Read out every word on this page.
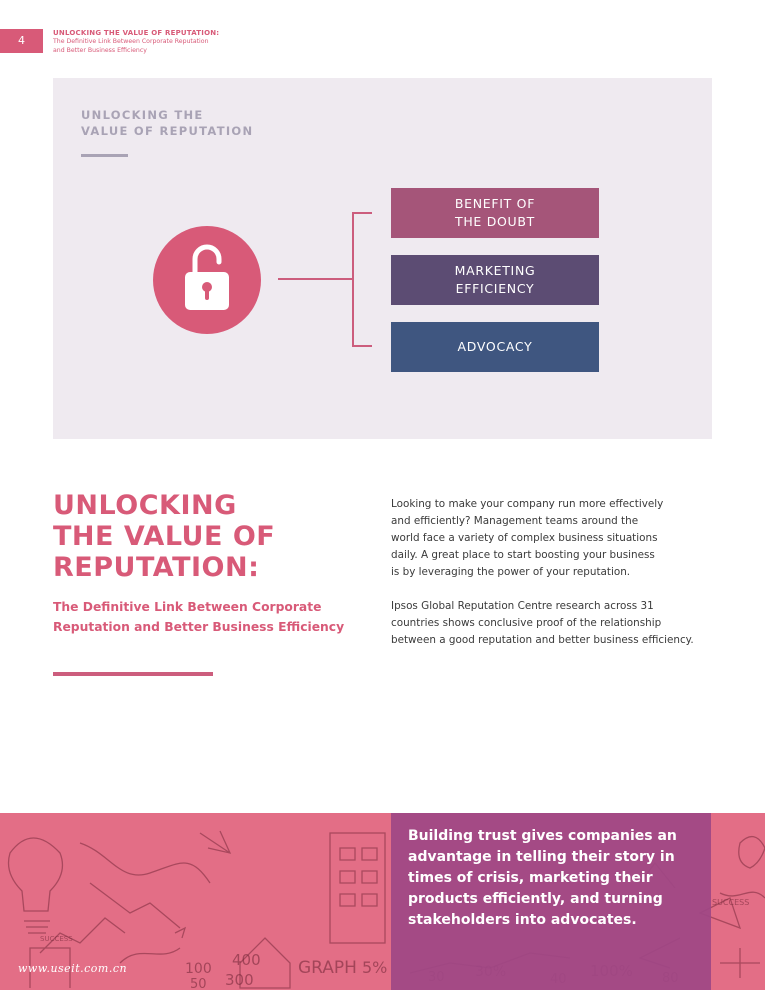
4
UNLOCKING THE VALUE OF REPUTATION:
The Definitive Link Between Corporate Reputation
and Better Business Efficiency
UNLOCKING THE
VALUE OF REPUTATION
BENEFIT OF
THE DOUBT
MARKETING
EFFICIENCY
ADVOCACY
UNLOCKING
THE VALUE OF
REPUTATION:
The Definitive Link Between Corporate
Reputation and Better Business Efficiency
Looking to make your company run more effectively
and efficiently? Management teams around the
world face a variety of complex business situations
daily. A great place to start boosting your business
is by leveraging the power of your reputation.
Ipsos Global Reputation Centre research across 31
countries shows conclusive proof of the relationship
between a good reputation and better business efficiency.
GRAPH 5%
400
300
100
50
SUCCESS
SUCCESS
Building trust gives companies an
advantage in telling their story in
times of crisis, marketing their
products efficiently, and turning
stakeholders into advocates.
www.useit.com.cn
